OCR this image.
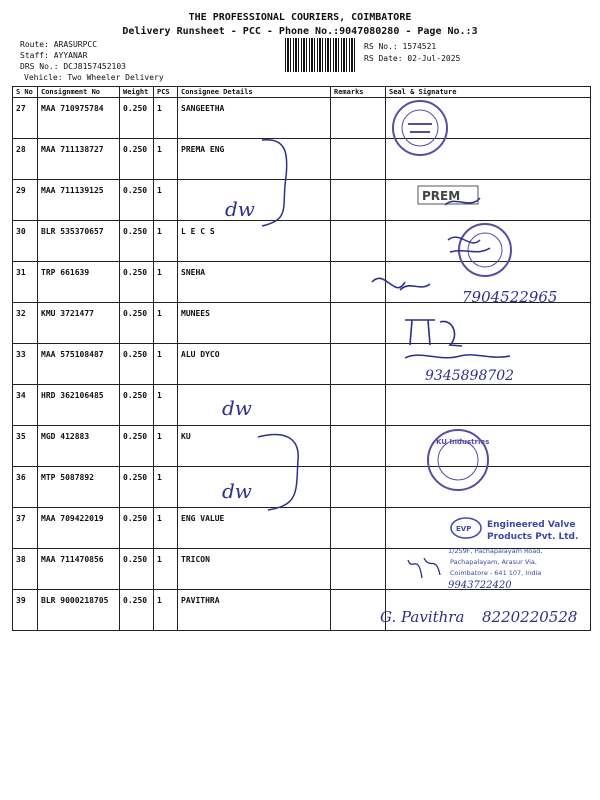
THE PROFESSIONAL COURIERS, COIMBATORE
Delivery Runsheet - PCC - Phone No.:9047080280 - Page No.:3
Route: ARASURPCC
Staff: AYYANAR
DRS No.: DCJ8157452103
Vehicle: Two Wheeler Delivery
RS No.: 1574521
RS Date: 02-Jul-2025
S No	Consignment No	Weight	PCS	Consignee Details	Remarks	Seal & Signature
27	MAA 710975784	0.250	1	SANGEETHA		
28	MAA 711138727	0.250	1	PREMA ENG		
29	MAA 711139125	0.250	1			
30	BLR 535370657	0.250	1	L E C S		
31	TRP 661639	0.250	1	SNEHA		
32	KMU 3721477	0.250	1	MUNEES		
33	MAA 575108487	0.250	1	ALU DYCO		
34	HRD 362106485	0.250	1			
35	MGD 412883	0.250	1	KU		
36	MTP 5087892	0.250	1			
37	MAA 709422019	0.250	1	ENG VALUE		
38	MAA 711470856	0.250	1	TRICON		
39	BLR 9000218705	0.250	1	PAVITHRA		
PREM
dw
7904522965
9345898702
dw
dw
KU Industries
EVP Engineered Valve
Products Pvt. Ltd.
1/259F, Pachapalayam Road,
Pachapalayam, Arasur Via,
Coimbatore - 641 107, India
9943722420
G. Pavithra 8220220528
